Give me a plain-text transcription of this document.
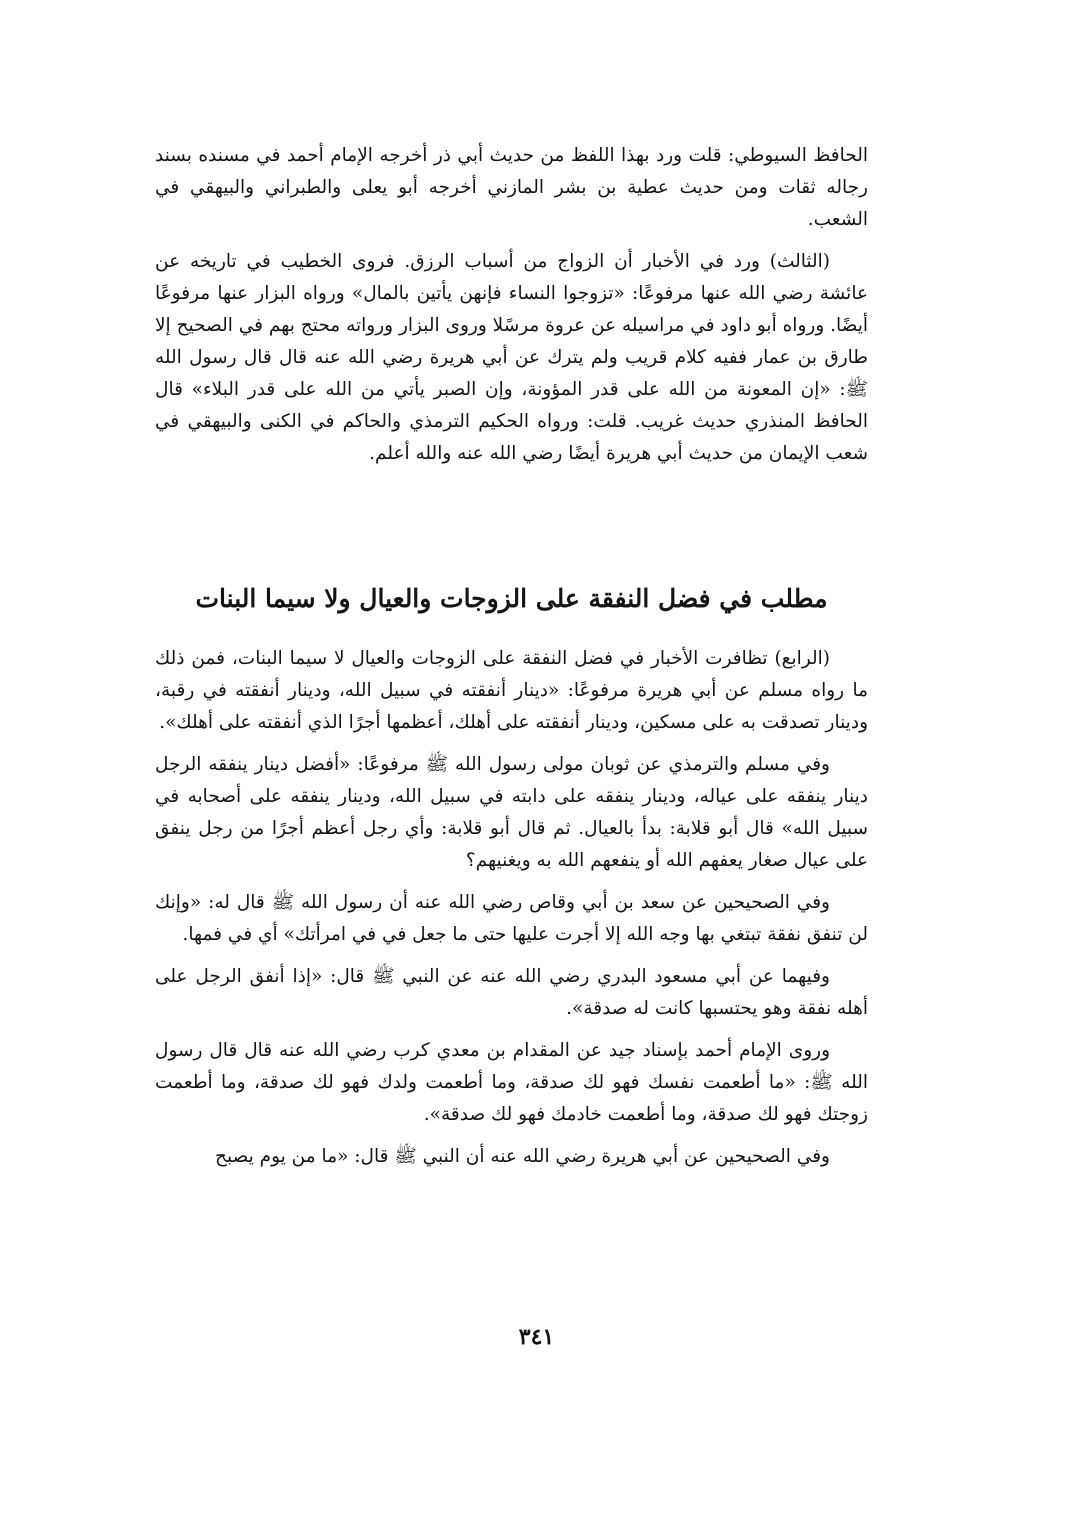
الحافظ السيوطي: قلت ورد بهذا اللفظ من حديث أبي ذر أخرجه الإمام أحمد في مسنده بسند رجاله ثقات ومن حديث عطية بن بشر المازني أخرجه أبو يعلى والطبراني والبيهقي في الشعب.

(الثالث) ورد في الأخبار أن الزواج من أسباب الرزق. فروى الخطيب في تاريخه عن عائشة رضي الله عنها مرفوعًا: «تزوجوا النساء فإنهن يأتين بالمال» ورواه البزار عنها مرفوعًا أيضًا. ورواه أبو داود في مراسيله عن عروة مرسًلا وروى البزار ورواته محتج بهم في الصحيح إلا طارق بن عمار ففيه كلام قريب ولم يترك عن أبي هريرة رضي الله عنه قال قال رسول الله ﷺ: «إن المعونة من الله على قدر المؤونة، وإن الصبر يأتي من الله على قدر البلاء» قال الحافظ المنذري حديث غريب. قلت: ورواه الحكيم الترمذي والحاكم في الكنى والبيهقي في شعب الإيمان من حديث أبي هريرة أيضًا رضي الله عنه والله أعلم.

مطلب في فضل النفقة على الزوجات والعيال ولا سيما البنات

(الرابع) تظافرت الأخبار في فضل النفقة على الزوجات والعيال لا سيما البنات، فمن ذلك ما رواه مسلم عن أبي هريرة مرفوعًا: «دينار أنفقته في سبيل الله، ودينار أنفقته في رقبة، ودينار تصدقت به على مسكين، ودينار أنفقته على أهلك، أعظمها أجرًا الذي أنفقته على أهلك».

وفي مسلم والترمذي عن ثوبان مولى رسول الله ﷺ مرفوعًا: «أفضل دينار ينفقه الرجل دينار ينفقه على عياله، ودينار ينفقه على دابته في سبيل الله، ودينار ينفقه على أصحابه في سبيل الله» قال أبو قلابة: بدأ بالعيال. ثم قال أبو قلابة: وأي رجل أعظم أجرًا من رجل ينفق على عيال صغار يعفهم الله أو ينفعهم الله به ويغنيهم؟

وفي الصحيحين عن سعد بن أبي وقاص رضي الله عنه أن رسول الله ﷺ قال له: «وإنك لن تنفق نفقة تبتغي بها وجه الله إلا أجرت عليها حتى ما جعل في في امرأتك» أي في فمها.

وفيهما عن أبي مسعود البدري رضي الله عنه عن النبي ﷺ قال: «إذا أنفق الرجل على أهله نفقة وهو يحتسبها كانت له صدقة».

وروى الإمام أحمد بإسناد جيد عن المقدام بن معدي كرب رضي الله عنه قال قال رسول الله ﷺ: «ما أطعمت نفسك فهو لك صدقة، وما أطعمت ولدك فهو لك صدقة، وما أطعمت زوجتك فهو لك صدقة، وما أطعمت خادمك فهو لك صدقة».

وفي الصحيحين عن أبي هريرة رضي الله عنه أن النبي ﷺ قال: «ما من يوم يصبح

٣٤١
